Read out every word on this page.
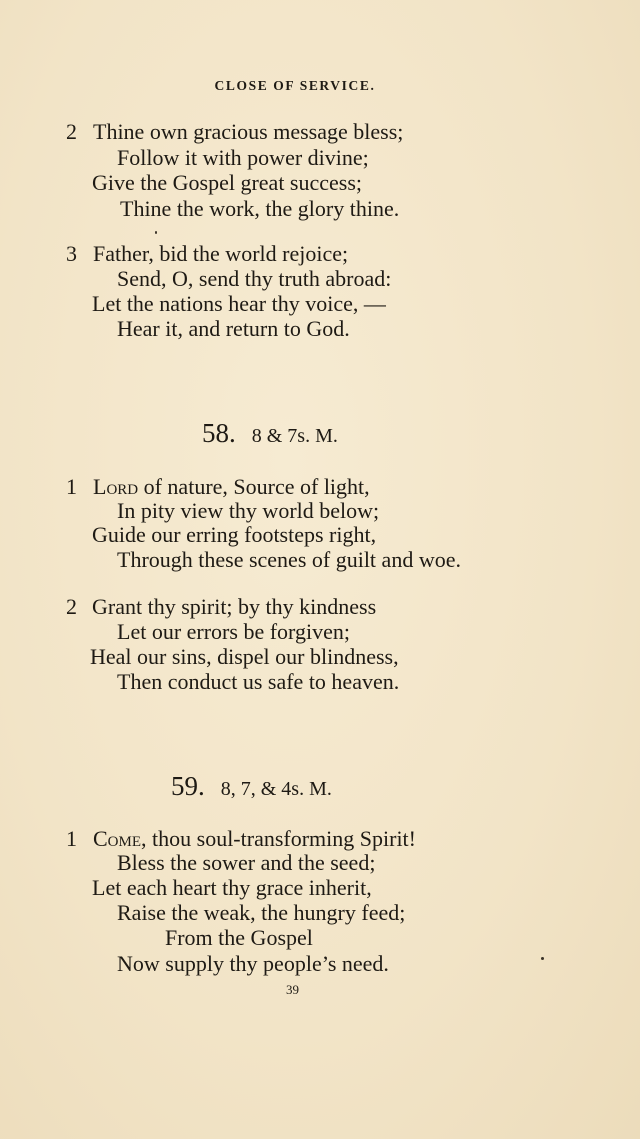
CLOSE OF SERVICE.
2 Thine own gracious message bless;
Follow it with power divine;
Give the Gospel great success;
Thine the work, the glory thine.
3 Father, bid the world rejoice;
Send, O, send thy truth abroad:
Let the nations hear thy voice, —
Hear it, and return to God.
58. 8 & 7s. M.
1 Lord of nature, Source of light,
In pity view thy world below;
Guide our erring footsteps right,
Through these scenes of guilt and woe.
2 Grant thy spirit; by thy kindness
Let our errors be forgiven;
Heal our sins, dispel our blindness,
Then conduct us safe to heaven.
59. 8, 7, & 4s. M.
1 Come, thou soul-transforming Spirit!
Bless the sower and the seed;
Let each heart thy grace inherit,
Raise the weak, the hungry feed;
From the Gospel
Now supply thy people’s need.
39
